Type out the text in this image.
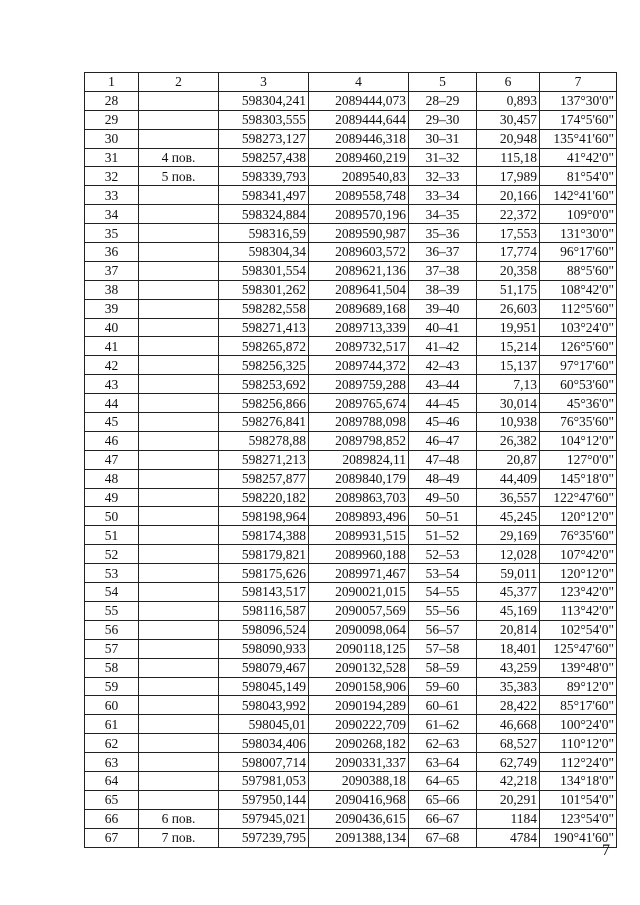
1	2	3	4	5	6	7
28		598304,241	2089444,073	28–29	0,893	137°30'0"
29		598303,555	2089444,644	29–30	30,457	174°5'60"
30		598273,127	2089446,318	30–31	20,948	135°41'60"
31	4 пов.	598257,438	2089460,219	31–32	115,18	41°42'0"
32	5 пов.	598339,793	2089540,83	32–33	17,989	81°54'0"
33		598341,497	2089558,748	33–34	20,166	142°41'60"
34		598324,884	2089570,196	34–35	22,372	109°0'0"
35		598316,59	2089590,987	35–36	17,553	131°30'0"
36		598304,34	2089603,572	36–37	17,774	96°17'60"
37		598301,554	2089621,136	37–38	20,358	88°5'60"
38		598301,262	2089641,504	38–39	51,175	108°42'0"
39		598282,558	2089689,168	39–40	26,603	112°5'60"
40		598271,413	2089713,339	40–41	19,951	103°24'0"
41		598265,872	2089732,517	41–42	15,214	126°5'60"
42		598256,325	2089744,372	42–43	15,137	97°17'60"
43		598253,692	2089759,288	43–44	7,13	60°53'60"
44		598256,866	2089765,674	44–45	30,014	45°36'0"
45		598276,841	2089788,098	45–46	10,938	76°35'60"
46		598278,88	2089798,852	46–47	26,382	104°12'0"
47		598271,213	2089824,11	47–48	20,87	127°0'0"
48		598257,877	2089840,179	48–49	44,409	145°18'0"
49		598220,182	2089863,703	49–50	36,557	122°47'60"
50		598198,964	2089893,496	50–51	45,245	120°12'0"
51		598174,388	2089931,515	51–52	29,169	76°35'60"
52		598179,821	2089960,188	52–53	12,028	107°42'0"
53		598175,626	2089971,467	53–54	59,011	120°12'0"
54		598143,517	2090021,015	54–55	45,377	123°42'0"
55		598116,587	2090057,569	55–56	45,169	113°42'0"
56		598096,524	2090098,064	56–57	20,814	102°54'0"
57		598090,933	2090118,125	57–58	18,401	125°47'60"
58		598079,467	2090132,528	58–59	43,259	139°48'0"
59		598045,149	2090158,906	59–60	35,383	89°12'0"
60		598043,992	2090194,289	60–61	28,422	85°17'60"
61		598045,01	2090222,709	61–62	46,668	100°24'0"
62		598034,406	2090268,182	62–63	68,527	110°12'0"
63		598007,714	2090331,337	63–64	62,749	112°24'0"
64		597981,053	2090388,18	64–65	42,218	134°18'0"
65		597950,144	2090416,968	65–66	20,291	101°54'0"
66	6 пов.	597945,021	2090436,615	66–67	1184	123°54'0"
67	7 пов.	597239,795	2091388,134	67–68	4784	190°41'60"
7
